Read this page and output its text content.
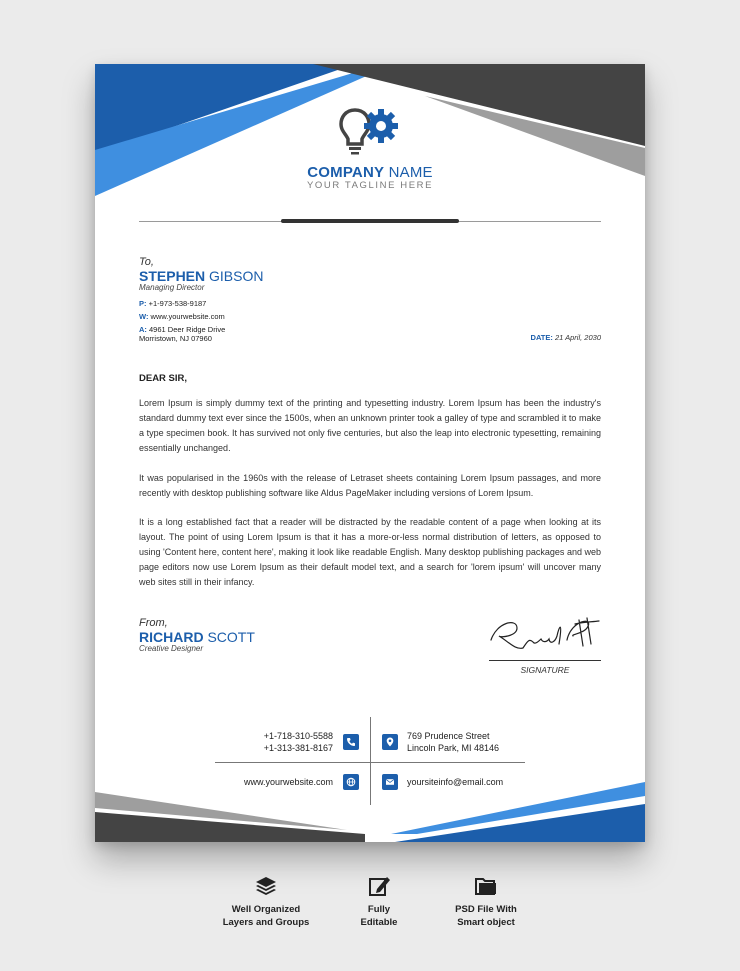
COMPANY NAME
YOUR TAGLINE HERE
To,
STEPHEN GIBSON
Managing Director
P: +1-973-538-9187
W: www.yourwebsite.com
A: 4961 Deer Ridge Drive
Morristown, NJ 07960	DATE: 21 April, 2030
DEAR SIR,
Lorem Ipsum is simply dummy text of the printing and typesetting industry. Lorem Ipsum has been the industry's standard dummy text ever since the 1500s, when an unknown printer took a galley of type and scrambled it to make a type specimen book. It has survived not only five centuries, but also the leap into electronic typesetting, remaining essentially unchanged.
It was popularised in the 1960s with the release of Letraset sheets containing Lorem Ipsum passages, and more recently with desktop publishing software like Aldus PageMaker including versions of Lorem Ipsum.
It is a long established fact that a reader will be distracted by the readable content of a page when looking at its layout. The point of using Lorem Ipsum is that it has a more-or-less normal distribution of letters, as opposed to using 'Content here, content here', making it look like readable English. Many desktop publishing packages and web page editors now use Lorem Ipsum as their default model text, and a search for 'lorem ipsum' will uncover many web sites still in their infancy.
From,
RICHARD SCOTT
Creative Designer
SIGNATURE
+1-718-310-5588
+1-313-381-8167
769 Prudence Street
Lincoln Park, MI 48146
www.yourwebsite.com	yoursiteinfo@email.com
Well Organized
Layers and Groups
Fully
Editable
PSD File With
Smart object
